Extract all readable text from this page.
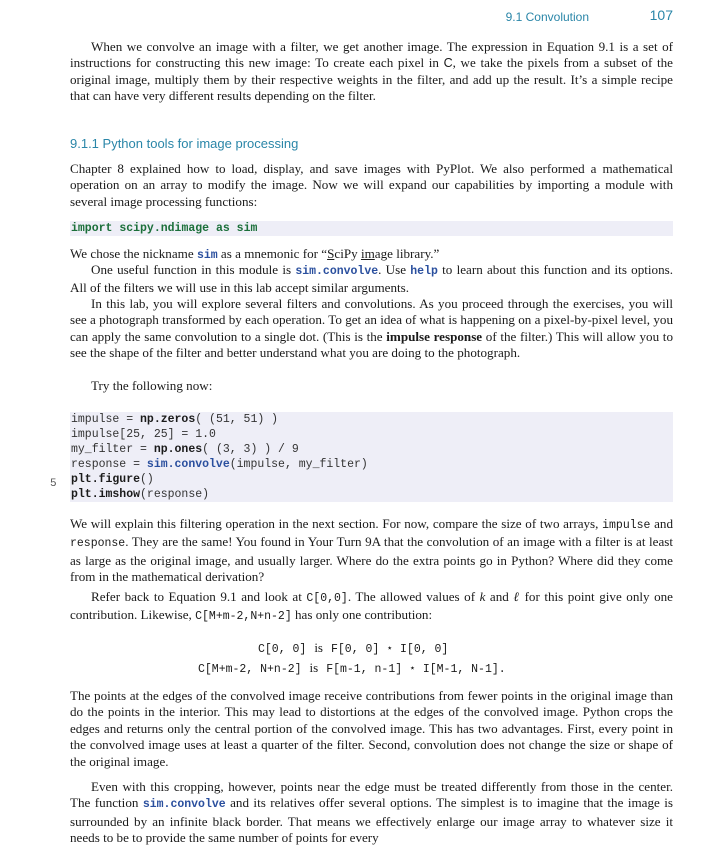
9.1 Convolution	107

When we convolve an image with a filter, we get another image. The expression in Equation 9.1 is a set of instructions for constructing this new image: To create each pixel in C, we take the pixels from a subset of the original image, multiply them by their respective weights in the filter, and add up the result. It’s a simple recipe that can have very different results depending on the filter.

9.1.1 Python tools for image processing

Chapter 8 explained how to load, display, and save images with PyPlot. We also performed a mathematical operation on an array to modify the image. Now we will expand our capabilities by importing a module with several image processing functions:

import scipy.ndimage as sim

We chose the nickname sim as a mnemonic for “SciPy image library.”

One useful function in this module is sim.convolve. Use help to learn about this function and its options. All of the filters we will use in this lab accept similar arguments.

In this lab, you will explore several filters and convolutions. As you proceed through the exercises, you will see a photograph transformed by each operation. To get an idea of what is happening on a pixel-by-pixel level, you can apply the same convolution to a single dot. (This is the impulse response of the filter.) This will allow you to see the shape of the filter and better understand what you are doing to the photograph.

Try the following now:

impulse = np.zeros( (51, 51) )
impulse[25, 25] = 1.0
my_filter = np.ones( (3, 3) ) / 9
response = sim.convolve(impulse, my_filter)
plt.figure()
plt.imshow(response)
5

We will explain this filtering operation in the next section. For now, compare the size of two arrays, impulse and response. They are the same! You found in Your Turn 9A that the convolution of an image with a filter is at least as large as the original image, and usually larger. Where do the extra points go in Python? Where did they come from in the mathematical derivation?

Refer back to Equation 9.1 and look at C[0,0]. The allowed values of k and ℓ for this point give only one contribution. Likewise, C[M+m-2,N+n-2] has only one contribution:

C[0, 0] is F[0, 0] ⋆ I[0, 0]
C[M+m-2, N+n-2] is F[m-1, n-1] ⋆ I[M-1, N-1].

The points at the edges of the convolved image receive contributions from fewer points in the original image than do the points in the interior. This may lead to distortions at the edges of the convolved image. Python crops the edges and returns only the central portion of the convolved image. This has two advantages. First, every point in the convolved image uses at least a quarter of the filter. Second, convolution does not change the size or shape of the original image.

Even with this cropping, however, points near the edge must be treated differently from those in the center. The function sim.convolve and its relatives offer several options. The simplest is to imagine that the image is surrounded by an infinite black border. That means we effectively enlarge our image array to whatever size it needs to be to provide the same number of points for every
